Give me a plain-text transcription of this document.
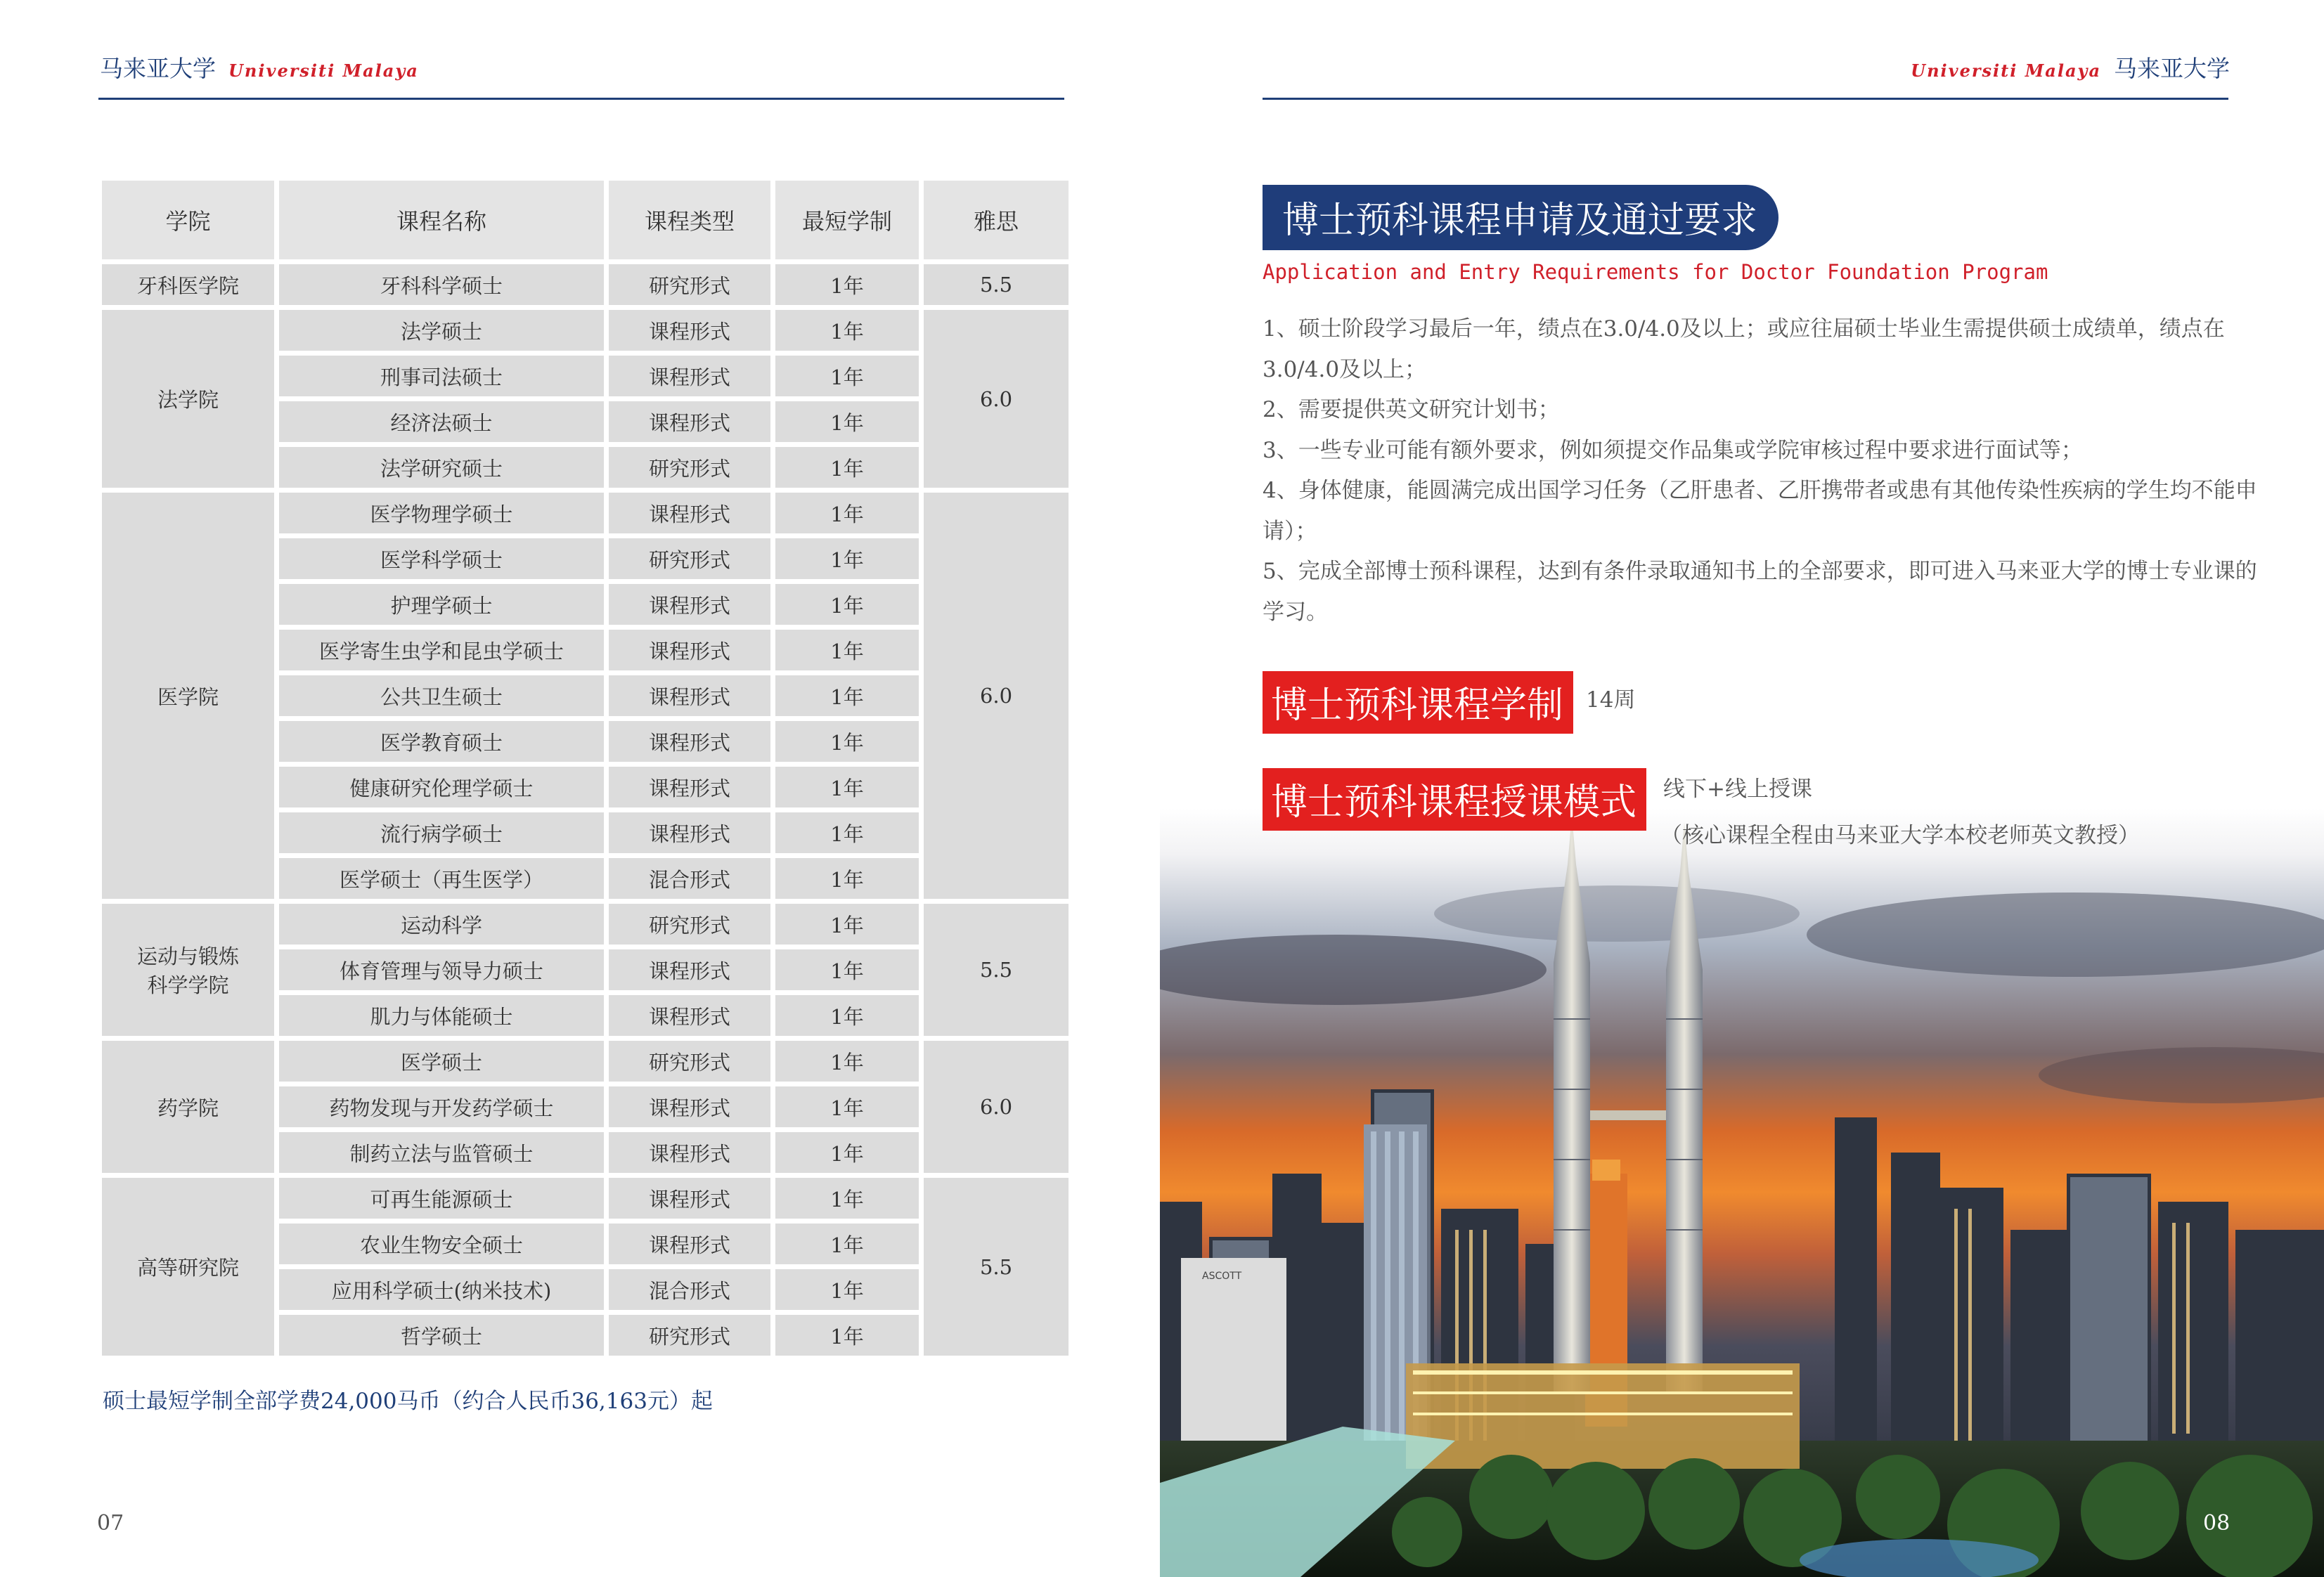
马来亚大学 Universiti Malaya
学院	课程名称	课程类型	最短学制	雅思
牙科医学院	牙科科学硕士	研究形式	1年	5.5
法学院	法学硕士	课程形式	1年	6.0
	刑事司法硕士	课程形式	1年	
	经济法硕士	课程形式	1年	
	法学研究硕士	研究形式	1年	
医学院	医学物理学硕士	课程形式	1年	6.0
	医学科学硕士	研究形式	1年	
	护理学硕士	课程形式	1年	
	医学寄生虫学和昆虫学硕士	课程形式	1年	
	公共卫生硕士	课程形式	1年	
	医学教育硕士	课程形式	1年	
	健康研究伦理学硕士	课程形式	1年	
	流行病学硕士	课程形式	1年	
	医学硕士（再生医学）	混合形式	1年	
运动与锻炼科学学院	运动科学	研究形式	1年	5.5
	体育管理与领导力硕士	课程形式	1年	
	肌力与体能硕士	课程形式	1年	
药学院	医学硕士	研究形式	1年	6.0
	药物发现与开发药学硕士	课程形式	1年	
	制药立法与监管硕士	课程形式	1年	
高等研究院	可再生能源硕士	课程形式	1年	5.5
	农业生物安全硕士	课程形式	1年	
	应用科学硕士(纳米技术)	混合形式	1年	
	哲学硕士	研究形式	1年	
硕士最短学制全部学费24,000马币（约合人民币36,163元）起
07
Universiti Malaya 马来亚大学
博士预科课程申请及通过要求
Application and Entry Requirements for Doctor Foundation Program
1、硕士阶段学习最后一年，绩点在3.0/4.0及以上；或应往届硕士毕业生需提供硕士成绩单，绩点在3.0/4.0及以上；
2、需要提供英文研究计划书；
3、一些专业可能有额外要求，例如须提交作品集或学院审核过程中要求进行面试等；
4、身体健康，能圆满完成出国学习任务（乙肝患者、乙肝携带者或患有其他传染性疾病的学生均不能申请）；
5、完成全部博士预科课程，达到有条件录取通知书上的全部要求，即可进入马来亚大学的博士专业课的学习。
ASCOTT
博士预科课程学制	14周
博士预科课程授课模式	线下+线上授课
（核心课程全程由马来亚大学本校老师英文教授）
08
